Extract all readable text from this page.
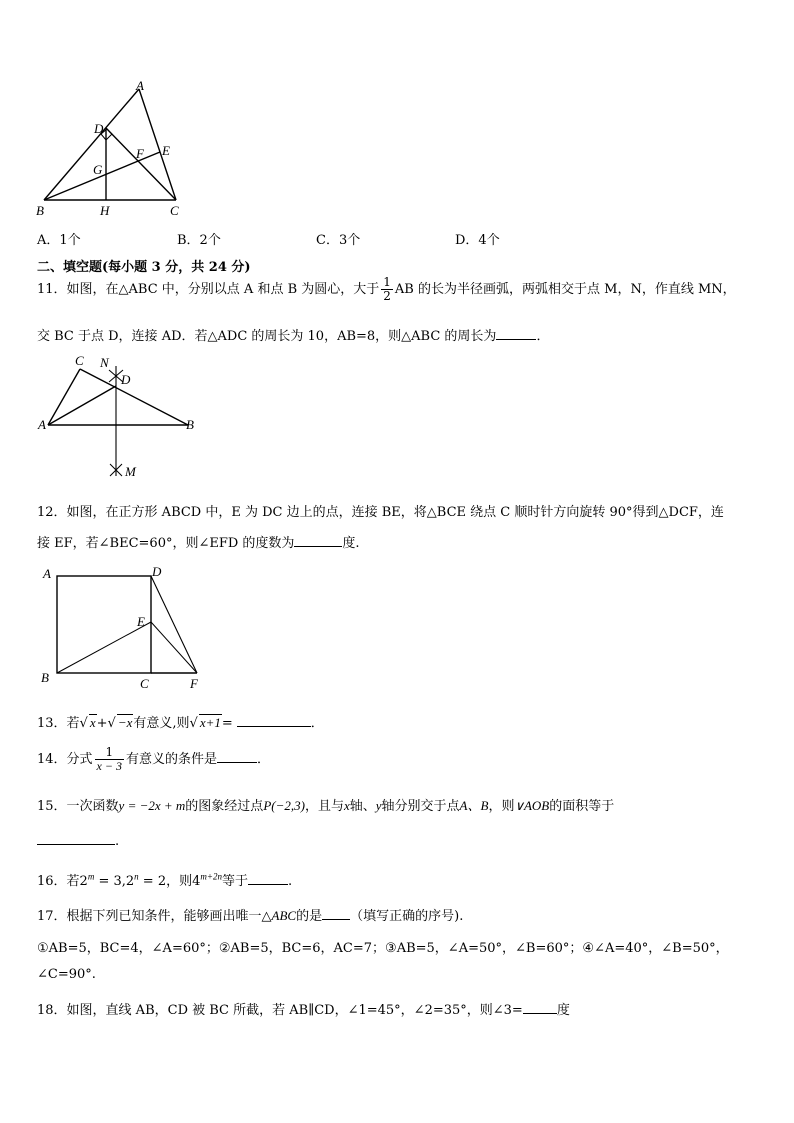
A
D
E
F
G
B	H	C
A．1个	B．2个	C．3个	D．4个
二、填空题(每小题 3 分，共 24 分)
11．如图，在△ABC 中，分别以点 A 和点 B 为圆心，大于 $\frac{1}{2}$ AB 的长为半径画弧，两弧相交于点 M，N，作直线 MN，
交 BC 于点 D，连接 AD．若△ADC 的周长为 10，AB=8，则△ABC 的周长为	．
C N
D
A	B
M
12．如图，在正方形 ABCD 中，E 为 DC 边上的点，连接 BE，将△BCE 绕点 C 顺时针方向旋转 90°得到△DCF，连
接 EF，若∠BEC=60°，则∠EFD 的度数为	度.
A	D
E
B	C	F
13．若√ x+√ −x有意义,则√ x+1=	．
14．分式 $\frac{1}{x - 3}$ 有意义的条件是	．
15．一次函数y = −2x + m的图象经过点P(−2,3)，且与x轴、y轴分别交于点A、B，则∨AOB的面积等于
.
16．若$2^m = 3,2^n = 2$，则$4^{m+2n}$等于	.
17．根据下列已知条件，能够画出唯一△ABC的是 （填写正确的序号).
①AB=5，BC=4，∠A=60°；②AB=5，BC=6，AC=7；③AB=5，∠A=50°，∠B=60°；④∠A=40°，∠B=50°，
∠C=90°.
18．如图，直线 AB，CD 被 BC 所截，若 AB∥CD，∠1=45°，∠2=35°，则∠3=	度
